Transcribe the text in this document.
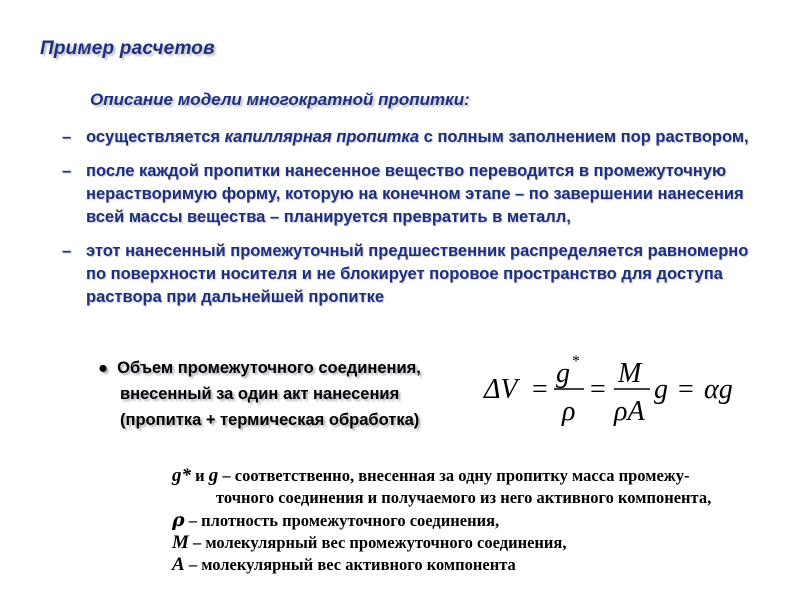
Пример расчетов
Описание модели многократной пропитки:
– осуществляется капиллярная пропитка с полным заполнением пор раствором,
– после каждой пропитки нанесенное вещество переводится в промежуточную
нерастворимую форму, которую на конечном этапе – по завершении нанесения
всей массы вещества – планируется превратить в металл,
– этот нанесенный промежуточный предшественник распределяется равномерно
по поверхности носителя и не блокирует поровое пространство для доступа
раствора при дальнейшей пропитке
● Объем промежуточного соединения,
внесенный за один акт нанесения
(пропитка + термическая обработка)
ΔV =
g *
ρ
=
M
ρA
g = αg
g* и g – соответственно, внесенная за одну пропитку масса промежу-
точного соединения и получаемого из него активного компонента,
ρ – плотность промежуточного соединения,
M – молекулярный вес промежуточного соединения,
A – молекулярный вес активного компонента
